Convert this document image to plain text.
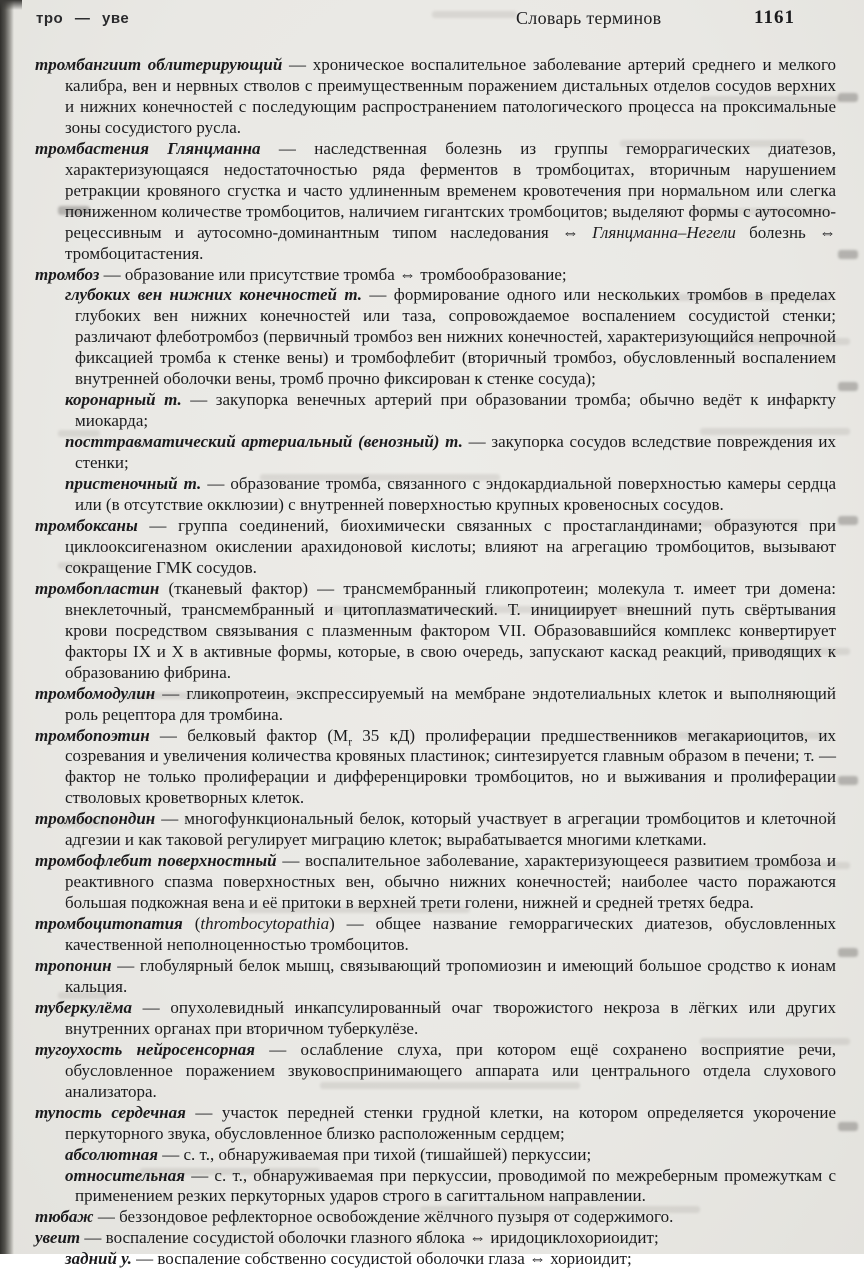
тро — уве	Словарь терминов	1161

тромбангиит облитерирующий — хроническое воспалительное заболевание артерий среднего и мелкого калибра, вен и нервных стволов с преимущественным поражением дистальных отделов сосудов верхних и нижних конечностей с последующим распространением патологического процесса на проксимальные зоны сосудистого русла.

тромбастения Глянцманна — наследственная болезнь из группы геморрагических диатезов, характеризующаяся недостаточностью ряда ферментов в тромбоцитах, вторичным нарушением ретракции кровяного сгустка и часто удлиненным временем кровотечения при нормальном или слегка пониженном количестве тромбоцитов, наличием гигантских тромбоцитов; выделяют формы с аутосомно-рецессивным и аутосомно-доминантным типом наследования ⇔ Глянцманна–Негели болезнь ⇔ тромбоцитастения.

тромбоз — образование или присутствие тромба ⇔ тромбообразование;

глубоких вен нижних конечностей т. — формирование одного или нескольких тромбов в пределах глубоких вен нижних конечностей или таза, сопровождаемое воспалением сосудистой стенки; различают флеботромбоз (первичный тромбоз вен нижних конечностей, характеризующийся непрочной фиксацией тромба к стенке вены) и тромбофлебит (вторичный тромбоз, обусловленный воспалением внутренней оболочки вены, тромб прочно фиксирован к стенке сосуда);

коронарный т. — закупорка венечных артерий при образовании тромба; обычно ведёт к инфаркту миокарда;

посттравматический артериальный (венозный) т. — закупорка сосудов вследствие повреждения их стенки;

пристеночный т. — образование тромба, связанного с эндокардиальной поверхностью камеры сердца или (в отсутствие окклюзии) с внутренней поверхностью крупных кровеносных сосудов.

тромбоксаны — группа соединений, биохимически связанных с простагландинами; образуются при циклооксигеназном окислении арахидоновой кислоты; влияют на агрегацию тромбоцитов, вызывают сокращение ГМК сосудов.

тромбопластин (тканевый фактор) — трансмембранный гликопротеин; молекула т. имеет три домена: внеклеточный, трансмембранный и цитоплазматический. Т. инициирует внешний путь свёртывания крови посредством связывания с плазменным фактором VII. Образовавшийся комплекс конвертирует факторы IX и X в активные формы, которые, в свою очередь, запускают каскад реакций, приводящих к образованию фибрина.

тромбомодулин — гликопротеин, экспрессируемый на мембране эндотелиальных клеток и выполняющий роль рецептора для тромбина.

тромбопоэтин — белковый фактор ($М_r$ 35 кД) пролиферации предшественников мегакариоцитов, их созревания и увеличения количества кровяных пластинок; синтезируется главным образом в печени; т. — фактор не только пролиферации и дифференцировки тромбоцитов, но и выживания и пролиферации стволовых кроветворных клеток.

тромбоспондин — многофункциональный белок, который участвует в агрегации тромбоцитов и клеточной адгезии и как таковой регулирует миграцию клеток; вырабатывается многими клетками.

тромбофлебит поверхностный — воспалительное заболевание, характеризующееся развитием тромбоза и реактивного спазма поверхностных вен, обычно нижних конечностей; наиболее часто поражаются большая подкожная вена и её притоки в верхней трети голени, нижней и средней третях бедра.

тромбоцитопатия (thrombocytopathia) — общее название геморрагических диатезов, обусловленных качественной неполноценностью тромбоцитов.

тропонин — глобулярный белок мышц, связывающий тропомиозин и имеющий большое сродство к ионам кальция.

туберкулёма — опухолевидный инкапсулированный очаг творожистого некроза в лёгких или других внутренних органах при вторичном туберкулёзе.

тугоухость нейросенсорная — ослабление слуха, при котором ещё сохранено восприятие речи, обусловленное поражением звуковоспринимающего аппарата или центрального отдела слухового анализатора.

тупость сердечная — участок передней стенки грудной клетки, на котором определяется укорочение перкуторного звука, обусловленное близко расположенным сердцем;

абсолютная — с. т., обнаруживаемая при тихой (тишайшей) перкуссии;

относительная — с. т., обнаруживаемая при перкуссии, проводимой по межреберным промежуткам с применением резких перкуторных ударов строго в сагиттальном направлении.

тюбаж — беззондовое рефлекторное освобождение жёлчного пузыря от содержимого.

увеит — воспаление сосудистой оболочки глазного яблока ⇔ иридоциклохориоидит;

задний у. — воспаление собственно сосудистой оболочки глаза ⇔ хориоидит;
